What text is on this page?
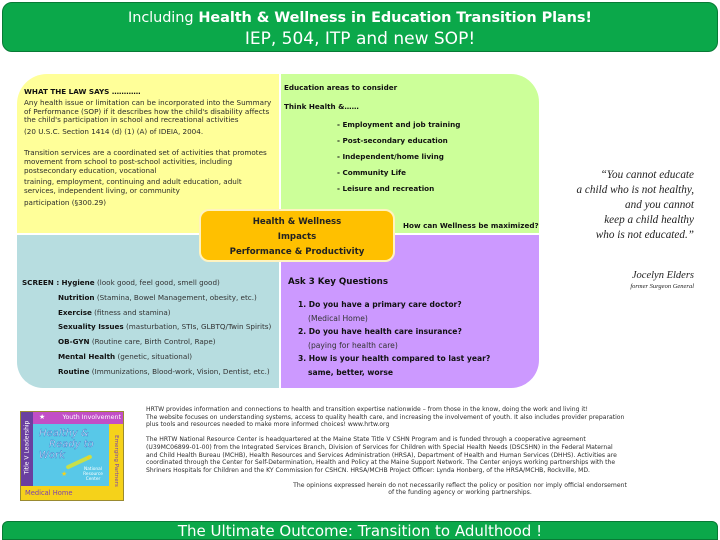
Including Health & Wellness in Education Transition Plans!
IEP, 504, ITP and new SOP!
WHAT THE LAW SAYS …………

Any health issue or limitation can be incorporated into the Summary of Performance (SOP) if it describes how the child's disability affects the child's participation in school and recreational activities

(20 U.S.C. Section 1414 (d) (1) (A) of IDEIA, 2004.

Transition services are a coordinated set of activities that promotes movement from school to post-school activities, including postsecondary education, vocational

training, employment, continuing and adult education, adult services, independent living, or community

participation (§300.29)

Education areas to consider
Think Health &……
- Employment and job training
- Post-secondary education
- Independent/home living
- Community Life
- Leisure and recreation
How can Wellness be maximized?
Health & Wellness
Impacts
Performance & Productivity
SCREEN : Hygiene (look good, feel good, smell good)
Nutrition (Stamina, Bowel Management, obesity, etc.)
Exercise (fitness and stamina)
Sexuality Issues (masturbation, STIs, GLBTQ/Twin Spirits)
OB-GYN (Routine care, Birth Control, Rape)
Mental Health (genetic, situational)
Routine (Immunizations, Blood-work, Vision, Dentist, etc.)
Ask 3 Key Questions
1. Do you have a primary care doctor?
(Medical Home)
2. Do you have health care insurance?
(paying for health care)
3. How is your health compared to last year?
same, better, worse
“You cannot educate
a child who is not healthy,
and you cannot
keep a child healthy
who is not educated.”
Jocelyn Elders
former Surgeon General
Healthy &
Ready to
Work	★
★
National Resource Center
Youth Involvement
★
Title V Leadership	Emerging Partners
Medical Home

HRTW provides information and connections to health and transition expertise nationwide – from those in the know, doing the work and living it!
The website focuses on understanding systems, access to quality health care, and increasing the involvement of youth. It also includes provider preparation
plus tools and resources needed to make more informed choices! www.hrtw.org

The HRTW National Resource Center is headquartered at the Maine State Title V CSHN Program and is funded through a cooperative agreement
(U39MC06899-01-00) from the Integrated Services Branch, Division of Services for Children with Special Health Needs (DSCSHN) in the Federal Maternal
and Child Health Bureau (MCHB), Health Resources and Services Administration (HRSA), Department of Health and Human Services (DHHS). Activities are
coordinated through the Center for Self-Determination, Health and Policy at the Maine Support Network. The Center enjoys working partnerships with the
Shriners Hospitals for Children and the KY Commission for CSHCN. HRSA/MCHB Project Officer: Lynda Honberg, of the HRSA/MCHB, Rockville, MD.

The opinions expressed herein do not necessarily reflect the policy or position nor imply official endorsement
of the funding agency or working partnerships.

The Ultimate Outcome: Transition to Adulthood !
